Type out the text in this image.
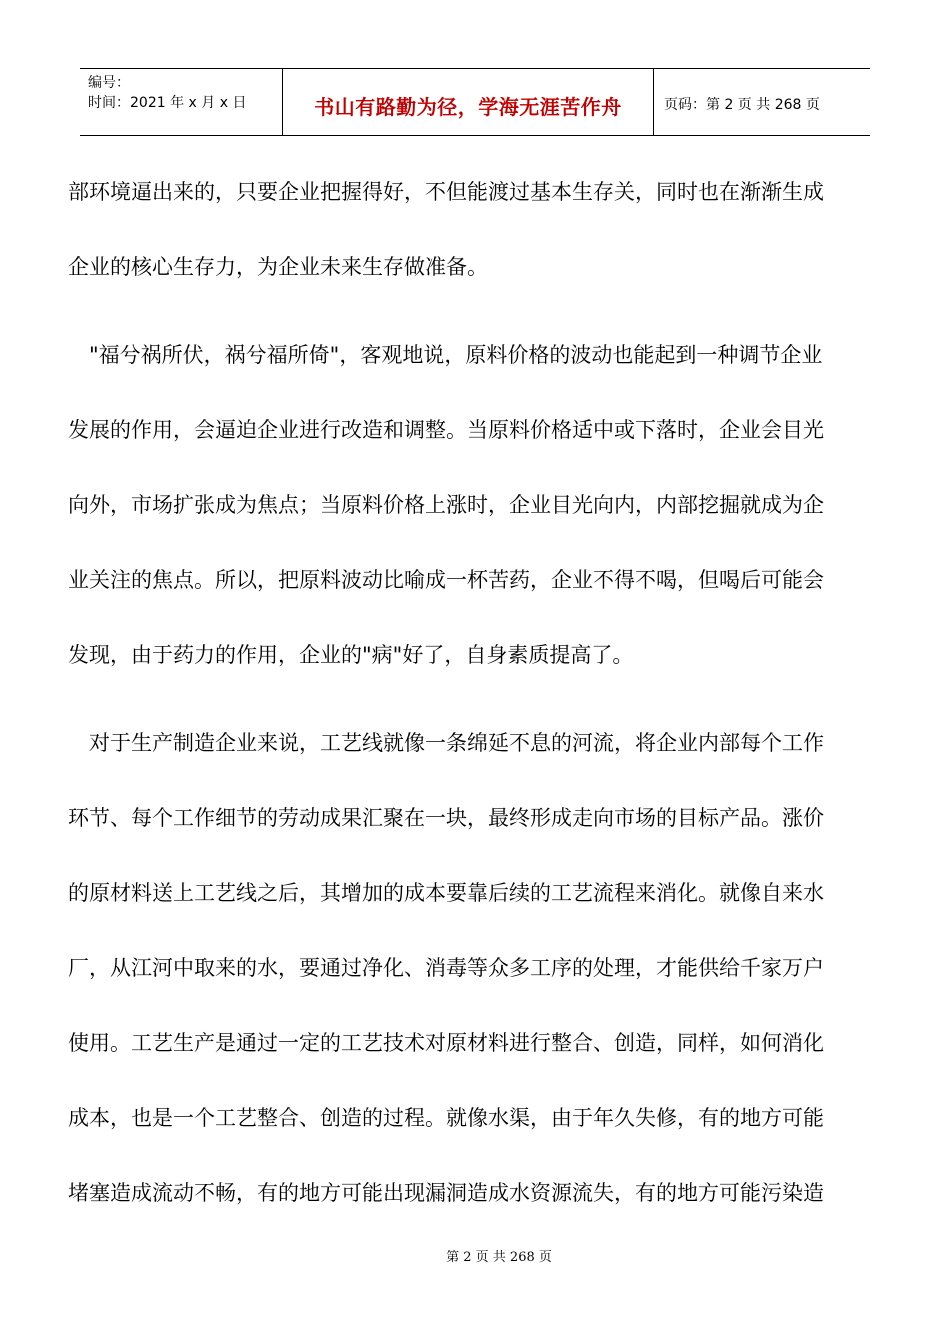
编号：
时间：2021 年 x 月 x 日	书山有路勤为径，学海无涯苦作舟	页码：第 2 页 共 268 页

部环境逼出来的，只要企业把握得好，不但能渡过基本生存关，同时也在渐渐生成

企业的核心生存力，为企业未来生存做准备。

　"福兮祸所伏，祸兮福所倚"，客观地说，原料价格的波动也能起到一种调节企业

发展的作用，会逼迫企业进行改造和调整。当原料价格适中或下落时，企业会目光

向外，市场扩张成为焦点；当原料价格上涨时，企业目光向内，内部挖掘就成为企

业关注的焦点。所以，把原料波动比喻成一杯苦药，企业不得不喝，但喝后可能会

发现，由于药力的作用，企业的"病"好了，自身素质提高了。

　对于生产制造企业来说，工艺线就像一条绵延不息的河流，将企业内部每个工作

环节、每个工作细节的劳动成果汇聚在一块，最终形成走向市场的目标产品。涨价

的原材料送上工艺线之后，其增加的成本要靠后续的工艺流程来消化。就像自来水

厂，从江河中取来的水，要通过净化、消毒等众多工序的处理，才能供给千家万户

使用。工艺生产是通过一定的工艺技术对原材料进行整合、创造，同样，如何消化

成本，也是一个工艺整合、创造的过程。就像水渠，由于年久失修，有的地方可能

堵塞造成流动不畅，有的地方可能出现漏洞造成水资源流失，有的地方可能污染造

第 2 页 共 268 页
